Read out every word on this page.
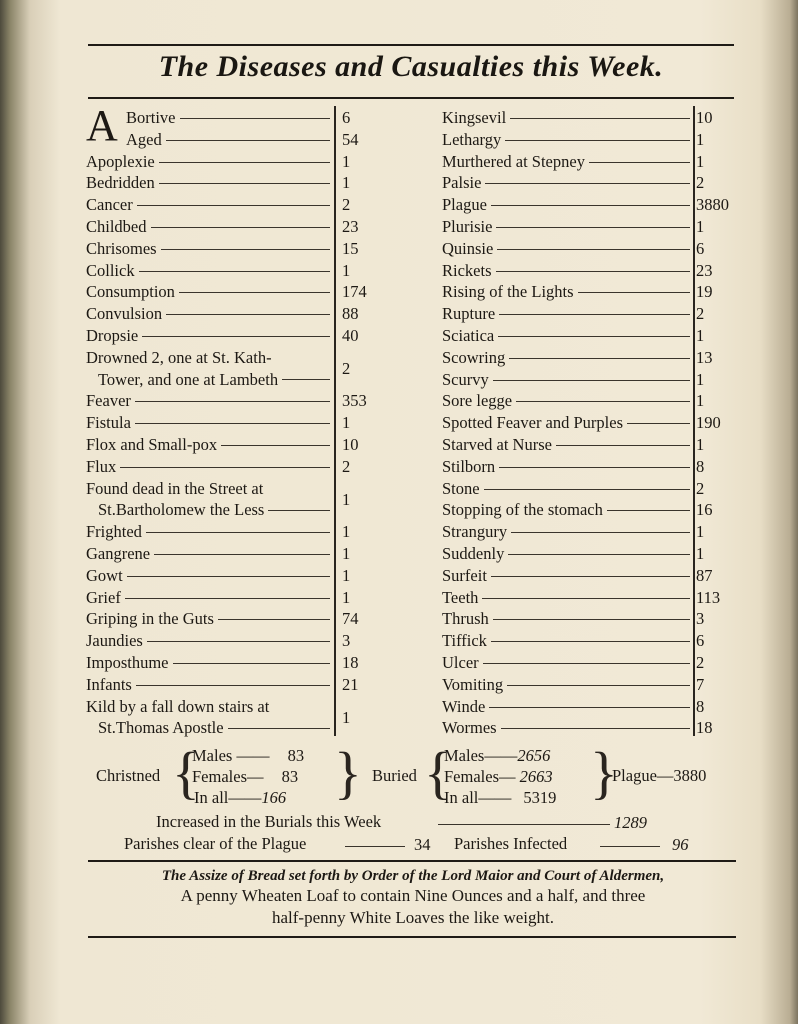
The Diseases and Casualties this Week.
A Bortive	6
Aged	54
Apoplexie	1
Bedridden	1
Cancer	2
Childbed	23
Chrisomes	15
Collick	1
Consumption	174
Convulsion	88
Dropsie	40
Drowned 2, one at St. Kath-
Tower, and one at Lambeth
2
Feaver	353
Fistula	1
Flox and Small-pox	10
Flux	2
Found dead in the Street at
St.Bartholomew the Less
1
Frighted	1
Gangrene	1
Gowt	1
Grief	1
Griping in the Guts	74
Jaundies	3
Imposthume	18
Infants	21
Kild by a fall down stairs at
St.Thomas Apostle
1
Kingsevil	10
Lethargy	1
Murthered at Stepney	1
Palsie	2
Plague	3880
Plurisie	1
Quinsie	6
Rickets	23
Rising of the Lights	19
Rupture	2
Sciatica	1
Scowring	13
Scurvy	1
Sore legge	1
Spotted Feaver and Purples	190
Starved at Nurse	1
Stilborn	8
Stone	2
Stopping of the stomach	16
Strangury	1
Suddenly	1
Surfeit	87
Teeth	113
Thrush	3
Tiffick	6
Ulcer	2
Vomiting	7
Winde	8
Wormes	18
Christned {
Males —— 83
Females— 83
In all——166 } Buried {
Males——2656
Females— 2663
In all—— 5319 }
Plague—3880
Increased in the Burials this Week	1289
Parishes clear of the Plague	34 Parishes Infected	96
The Assize of Bread set forth by Order of the Lord Maior and Court of Aldermen,
A penny Wheaten Loaf to contain Nine Ounces and a half, and three
half-penny White Loaves the like weight.
